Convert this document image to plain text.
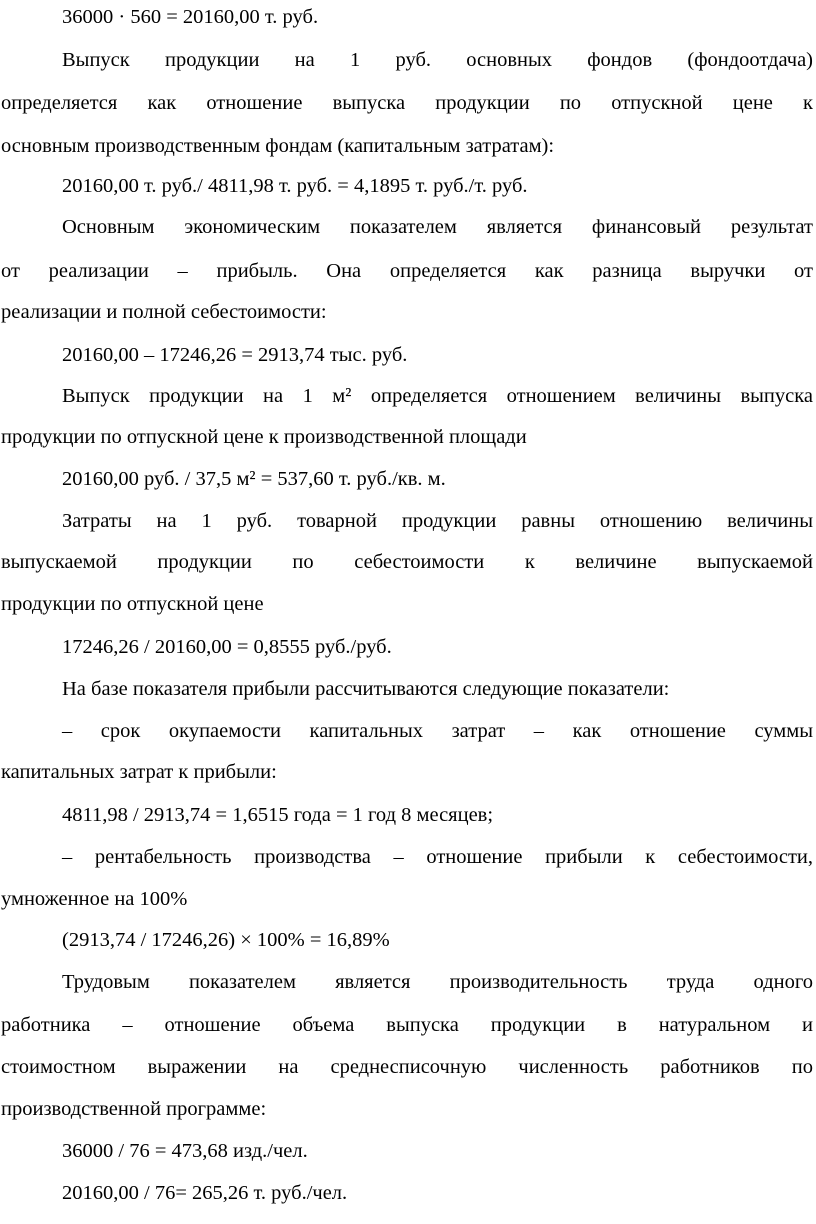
36000 · 560 = 20160,00 т. руб.
Выпуск продукции на 1 руб. основных фондов (фондоотдача)
определяется как отношение выпуска продукции по отпускной цене к
основным производственным фондам (капитальным затратам):
20160,00 т. руб./ 4811,98 т. руб. = 4,1895 т. руб./т. руб.
Основным экономическим показателем является финансовый результат
от реализации – прибыль. Она определяется как разница выручки от
реализации и полной себестоимости:
20160,00 – 17246,26 = 2913,74 тыс. руб.
Выпуск продукции на 1 м² определяется отношением величины выпуска
продукции по отпускной цене к производственной площади
20160,00 руб. / 37,5 м² = 537,60 т. руб./кв. м.
Затраты на 1 руб. товарной продукции равны отношению величины
выпускаемой продукции по себестоимости к величине выпускаемой
продукции по отпускной цене
17246,26 / 20160,00 = 0,8555 руб./руб.
На базе показателя прибыли рассчитываются следующие показатели:
– срок окупаемости капитальных затрат – как отношение суммы
капитальных затрат к прибыли:
4811,98 / 2913,74 = 1,6515 года = 1 год 8 месяцев;
– рентабельность производства – отношение прибыли к себестоимости,
умноженное на 100%
(2913,74 / 17246,26) × 100% = 16,89%
Трудовым показателем является производительность труда одного
работника – отношение объема выпуска продукции в натуральном и
стоимостном выражении на среднесписочную численность работников по
производственной программе:
36000 / 76 = 473,68 изд./чел.
20160,00 / 76= 265,26 т. руб./чел.
